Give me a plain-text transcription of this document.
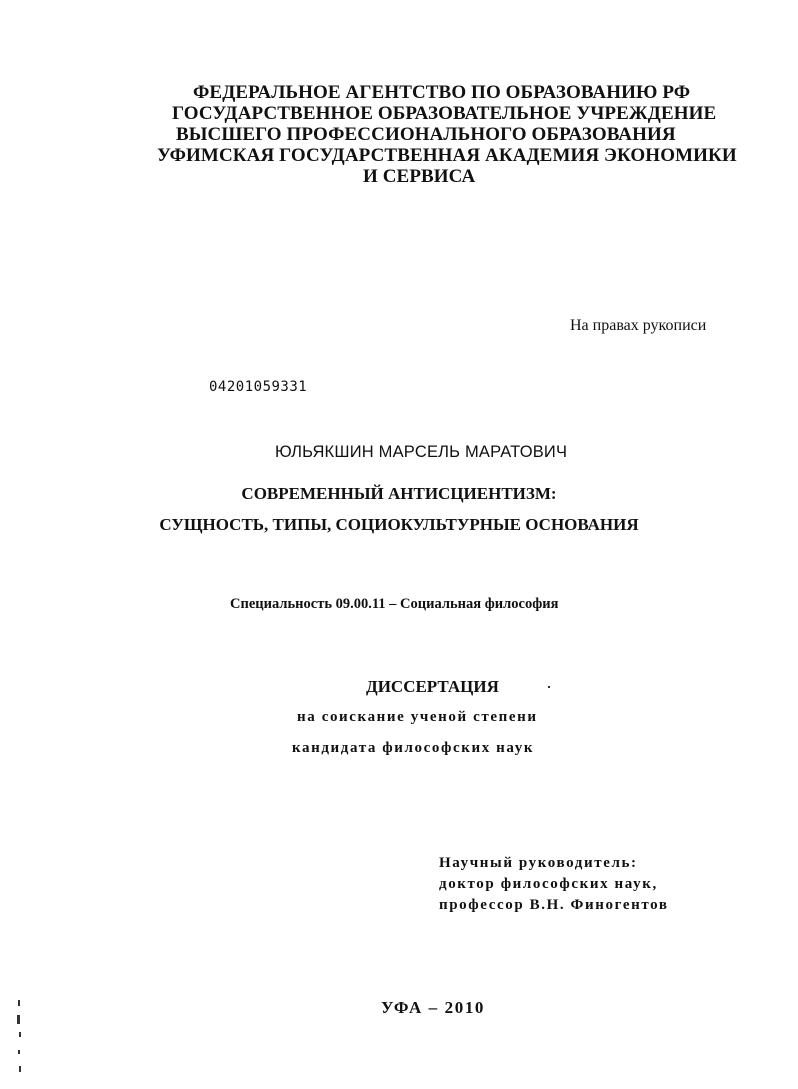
ФЕДЕРАЛЬНОЕ АГЕНТСТВО ПО ОБРАЗОВАНИЮ РФ
ГОСУДАРСТВЕННОЕ ОБРАЗОВАТЕЛЬНОЕ УЧРЕЖДЕНИЕ
ВЫСШЕГО ПРОФЕССИОНАЛЬНОГО ОБРАЗОВАНИЯ
УФИМСКАЯ ГОСУДАРСТВЕННАЯ АКАДЕМИЯ ЭКОНОМИКИ
И СЕРВИСА
На правах рукописи
04201059331
ЮЛЬЯКШИН МАРСЕЛЬ МАРАТОВИЧ
СОВРЕМЕННЫЙ АНТИСЦИЕНТИЗМ:
СУЩНОСТЬ, ТИПЫ, СОЦИОКУЛЬТУРНЫЕ ОСНОВАНИЯ
Специальность 09.00.11 – Социальная философия
ДИССЕРТАЦИЯ
на соискание ученой степени
кандидата философских наук
Научный руководитель:
доктор философских наук,
профессор В.Н. Финогентов
УФА – 2010
